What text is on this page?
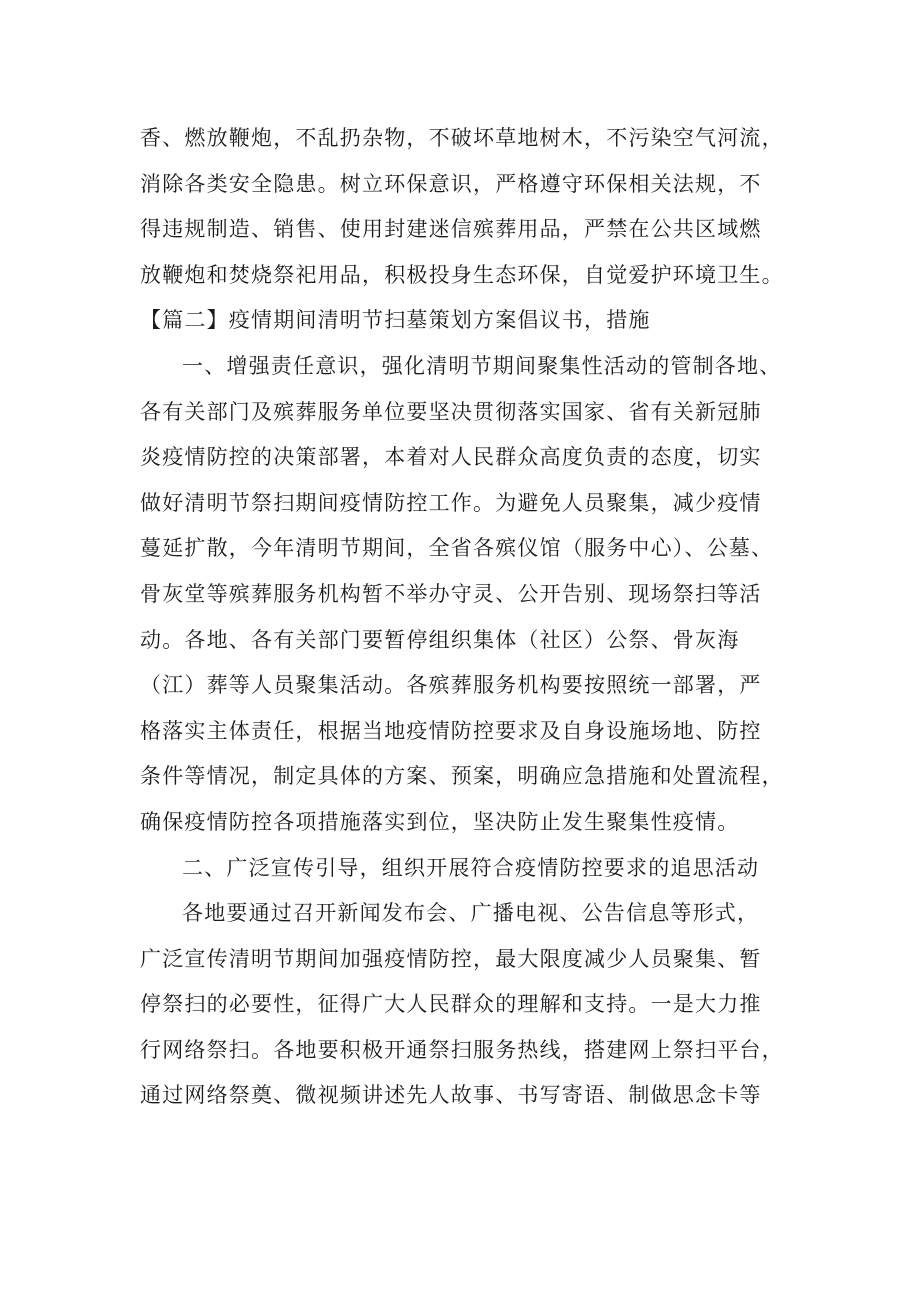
香、燃放鞭炮，不乱扔杂物，不破坏草地树木，不污染空气河流，
消除各类安全隐患。树立环保意识，严格遵守环保相关法规，不
得违规制造、销售、使用封建迷信殡葬用品，严禁在公共区域燃
放鞭炮和焚烧祭祀用品，积极投身生态环保，自觉爱护环境卫生。
【篇二】疫情期间清明节扫墓策划方案倡议书，措施
一、增强责任意识，强化清明节期间聚集性活动的管制各地、
各有关部门及殡葬服务单位要坚决贯彻落实国家、省有关新冠肺
炎疫情防控的决策部署，本着对人民群众高度负责的态度，切实
做好清明节祭扫期间疫情防控工作。为避免人员聚集，减少疫情
蔓延扩散，今年清明节期间，全省各殡仪馆（服务中心）、公墓、
骨灰堂等殡葬服务机构暂不举办守灵、公开告别、现场祭扫等活
动。各地、各有关部门要暂停组织集体（社区）公祭、骨灰海
（江）葬等人员聚集活动。各殡葬服务机构要按照统一部署，严
格落实主体责任，根据当地疫情防控要求及自身设施场地、防控
条件等情况，制定具体的方案、预案，明确应急措施和处置流程，
确保疫情防控各项措施落实到位，坚决防止发生聚集性疫情。
二、广泛宣传引导，组织开展符合疫情防控要求的追思活动
各地要通过召开新闻发布会、广播电视、公告信息等形式，
广泛宣传清明节期间加强疫情防控，最大限度减少人员聚集、暂
停祭扫的必要性，征得广大人民群众的理解和支持。一是大力推
行网络祭扫。各地要积极开通祭扫服务热线，搭建网上祭扫平台，
通过网络祭奠、微视频讲述先人故事、书写寄语、制做思念卡等
